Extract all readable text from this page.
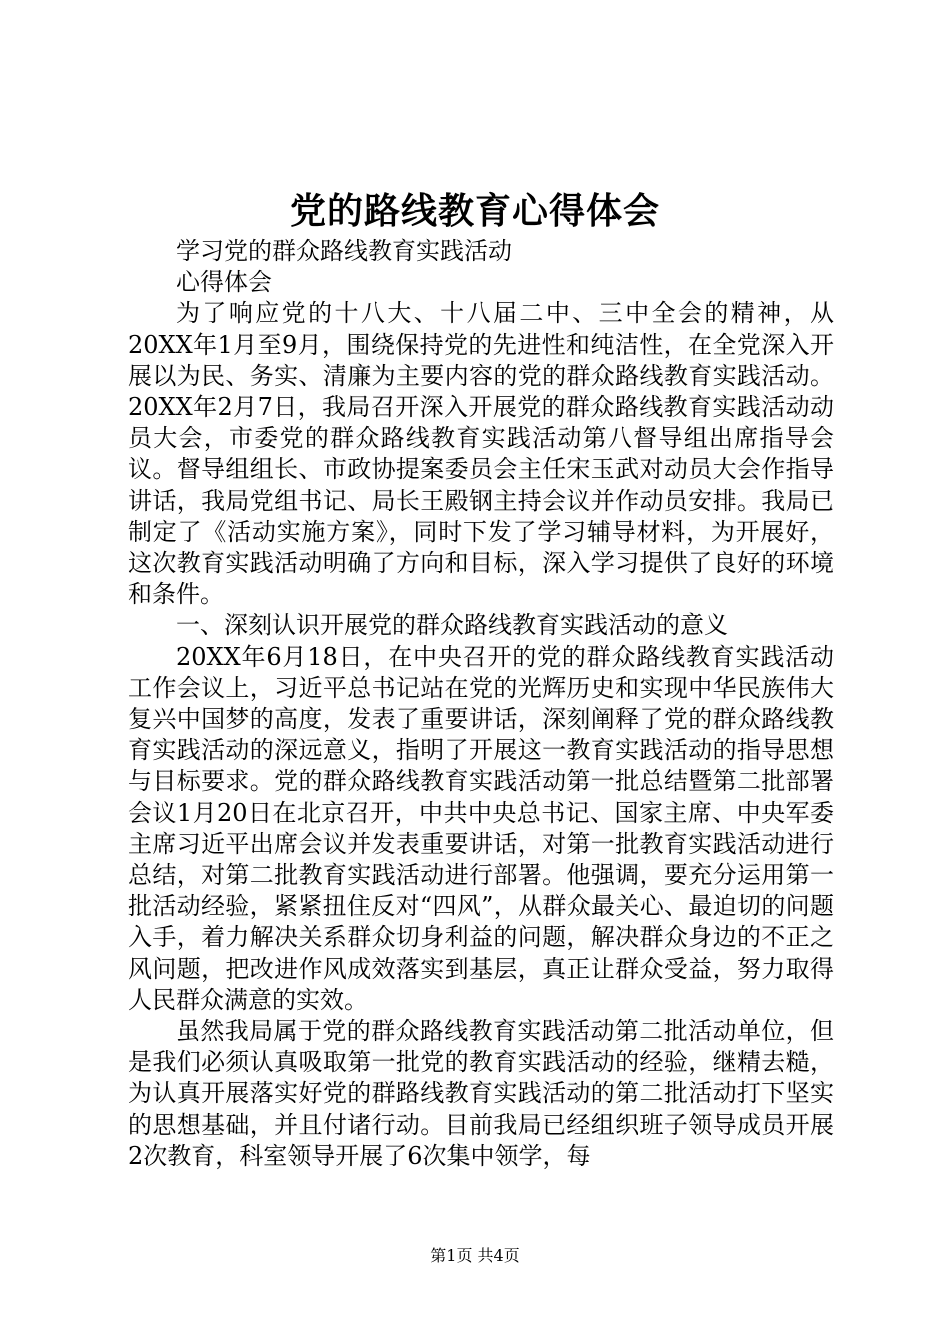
党的路线教育心得体会

学习党的群众路线教育实践活动

心得体会

为了响应党的十八大、十八届二中、三中全会的精神，从20XX年1月至9月，围绕保持党的先进性和纯洁性，在全党深入开展以为民、务实、清廉为主要内容的党的群众路线教育实践活动。20XX年2月7日，我局召开深入开展党的群众路线教育实践活动动员大会，市委党的群众路线教育实践活动第八督导组出席指导会议。督导组组长、市政协提案委员会主任宋玉武对动员大会作指导讲话，我局党组书记、局长王殿钢主持会议并作动员安排。我局已制定了《活动实施方案》，同时下发了学习辅导材料，为开展好，这次教育实践活动明确了方向和目标，深入学习提供了良好的环境和条件。

一、深刻认识开展党的群众路线教育实践活动的意义

20XX年6月18日，在中央召开的党的群众路线教育实践活动工作会议上，习近平总书记站在党的光辉历史和实现中华民族伟大复兴中国梦的高度，发表了重要讲话，深刻阐释了党的群众路线教育实践活动的深远意义，指明了开展这一教育实践活动的指导思想与目标要求。党的群众路线教育实践活动第一批总结暨第二批部署会议1月20日在北京召开，中共中央总书记、国家主席、中央军委主席习近平出席会议并发表重要讲话，对第一批教育实践活动进行总结，对第二批教育实践活动进行部署。他强调，要充分运用第一批活动经验，紧紧扭住反对“四风”，从群众最关心、最迫切的问题入手，着力解决关系群众切身利益的问题，解决群众身边的不正之风问题，把改进作风成效落实到基层，真正让群众受益，努力取得人民群众满意的实效。

虽然我局属于党的群众路线教育实践活动第二批活动单位，但是我们必须认真吸取第一批党的教育实践活动的经验，继精去糙，为认真开展落实好党的群路线教育实践活动的第二批活动打下坚实的思想基础，并且付诸行动。目前我局已经组织班子领导成员开展2次教育，科室领导开展了6次集中领学，每

第1页 共4页
